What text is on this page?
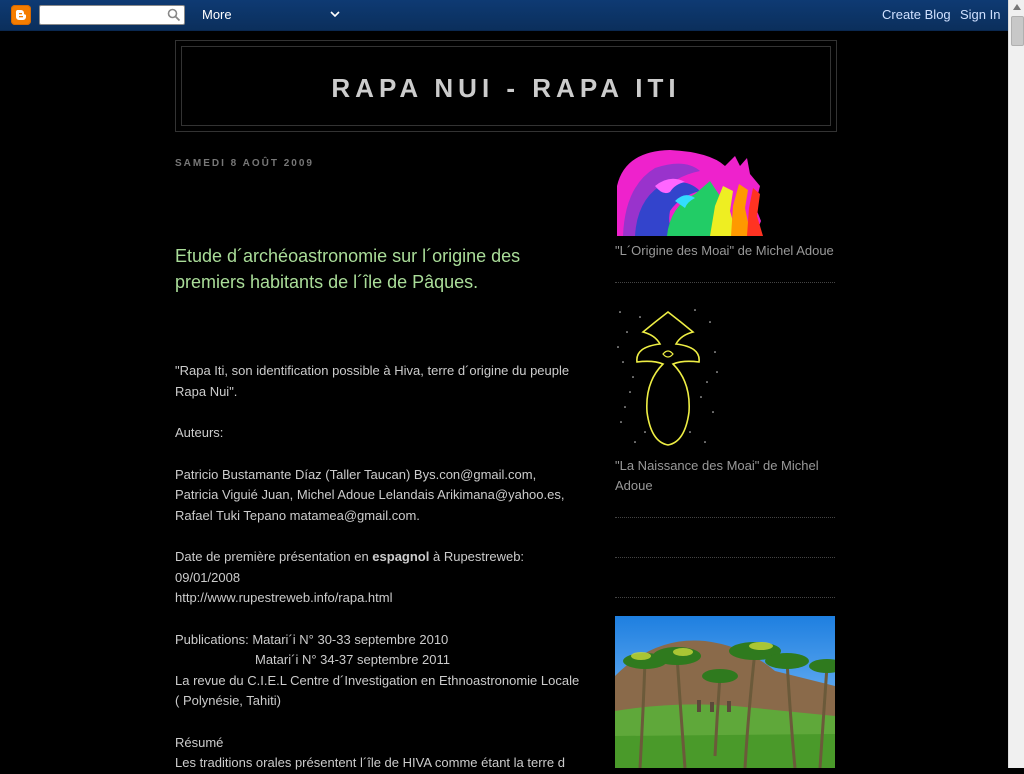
More	Create Blog Sign In
RAPA NUI - RAPA ITI
SAMEDI 8 AOÛT 2009
Etude d´archéoastronomie sur l´origine des premiers habitants de l´île de Pâques.

"Rapa Iti, son identification possible à Hiva, terre d´origine du peuple Rapa Nui".

Auteurs:

Patricio Bustamante Díaz (Taller Taucan) Bys.con@gmail.com,

Patricia Viguié Juan, Michel Adoue Lelandais Arikimana@yahoo.es,

Rafael Tuki Tepano matamea@gmail.com.

Date de première présentation en espagnol à Rupestreweb:

09/01/2008

http://www.rupestreweb.info/rapa.html

Publications: Matari´i N° 30-33 septembre 2010

Matari´i N° 34-37 septembre 2011

La revue du C.I.E.L Centre d´Investigation en Ethnoastronomie Locale ( Polynésie, Tahiti)

Résumé

Les traditions orales présentent l´île de HIVA comme étant la terre d

"L´Origine des Moai" de Michel Adoue
"La Naissance des Moai" de Michel Adoue
